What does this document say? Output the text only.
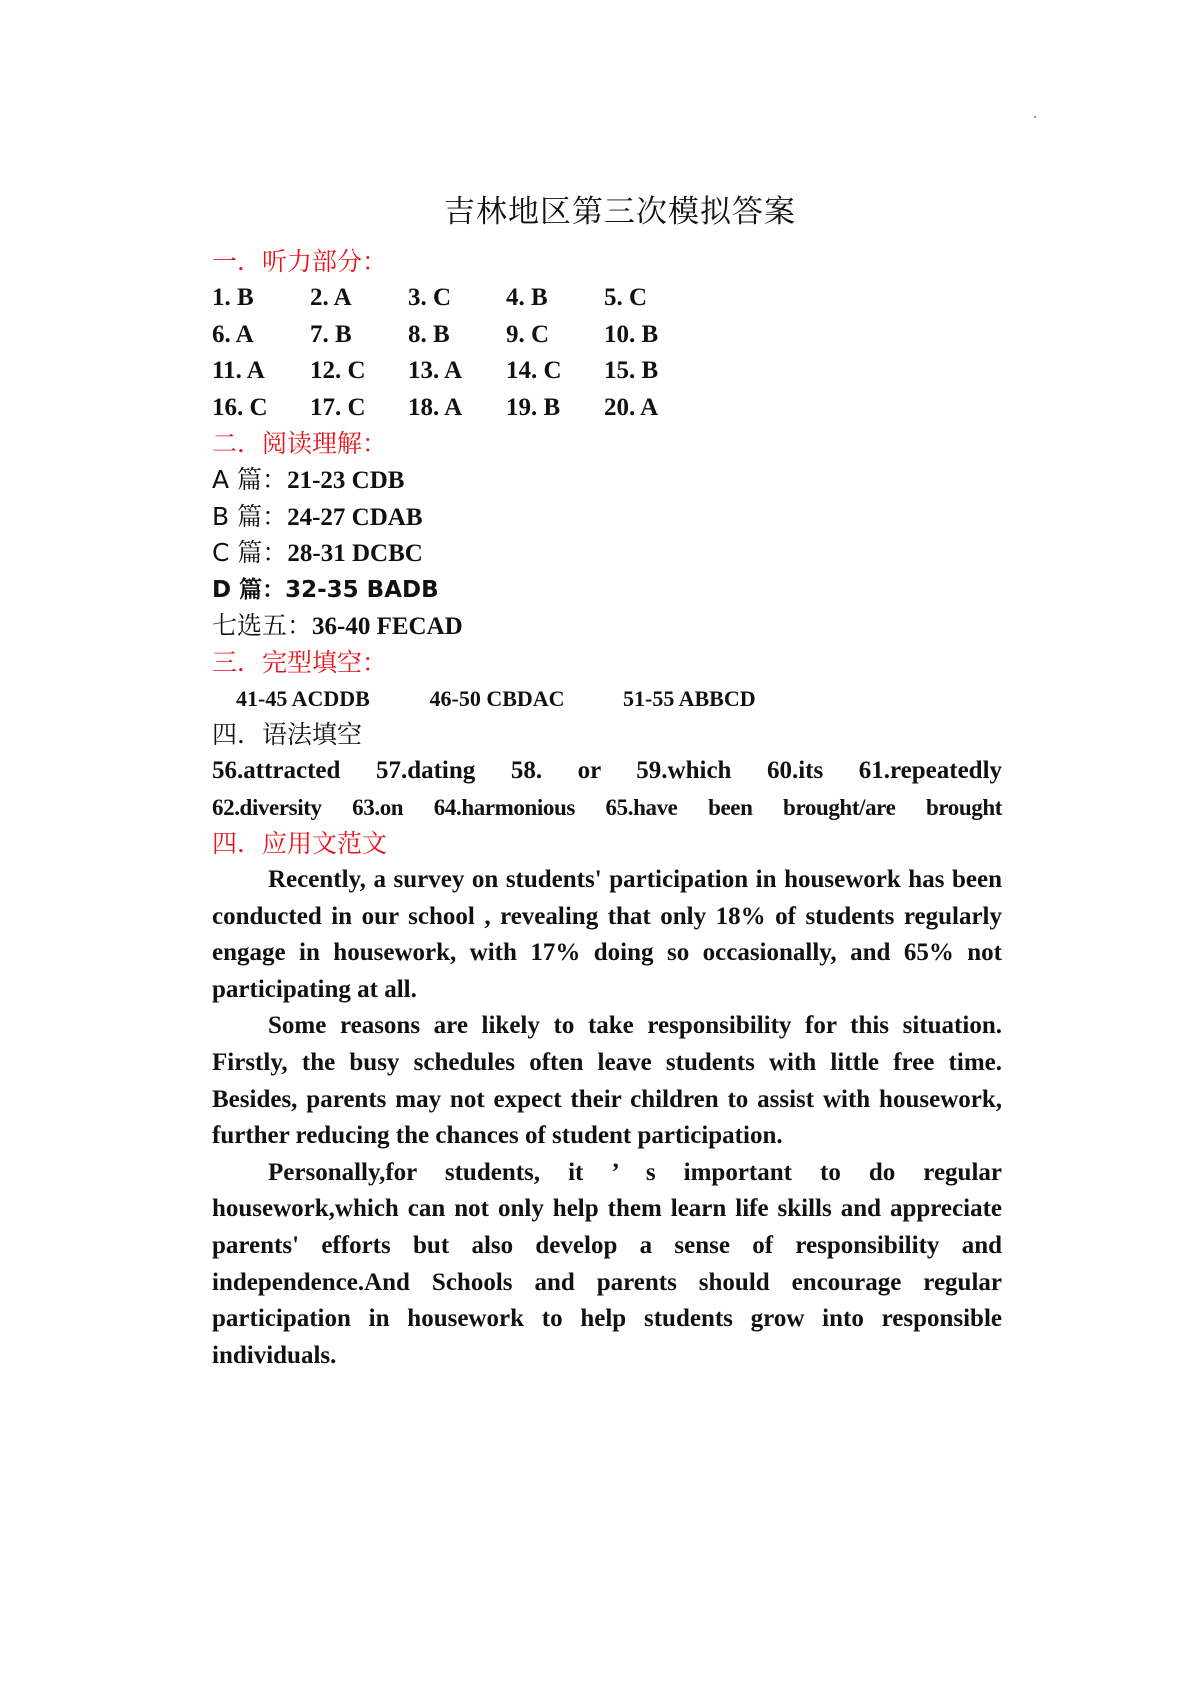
吉林地区第三次模拟答案
一．听力部分：
1. B	2. A	3. C	4. B	5. C
6. A	7. B	8. B	9. C	10. B
11. A	12. C	13. A	14. C	15. B
16. C	17. C	18. A	19. B	20. A
二．阅读理解：
A 篇：21-23 CDB
B 篇：24-27 CDAB
C 篇：28-31 DCBC
D 篇：32-35 BADB
七选五：36-40 FECAD
三．完型填空：
41-45 ACDDB	46-50 CBDAC	51-55 ABBCD
四．语法填空
56.attracted 57.dating 58. or 59.which 60.its 61.repeatedly
62.diversity 63.on 64.harmonious 65.have been brought/are brought
四．应用文范文

Recently, a survey on students' participation in housework has been conducted in our school , revealing that only 18% of students regularly engage in housework, with 17% doing so occasionally, and 65% not participating at all.

Some reasons are likely to take responsibility for this situation. Firstly, the busy schedules often leave students with little free time. Besides, parents may not expect their children to assist with housework, further reducing the chances of student participation.

Personally,for students, it ’ s important to do regular housework,which can not only help them learn life skills and appreciate parents' efforts but also develop a sense of responsibility and independence.And Schools and parents should encourage regular participation in housework to help students grow into responsible individuals.
